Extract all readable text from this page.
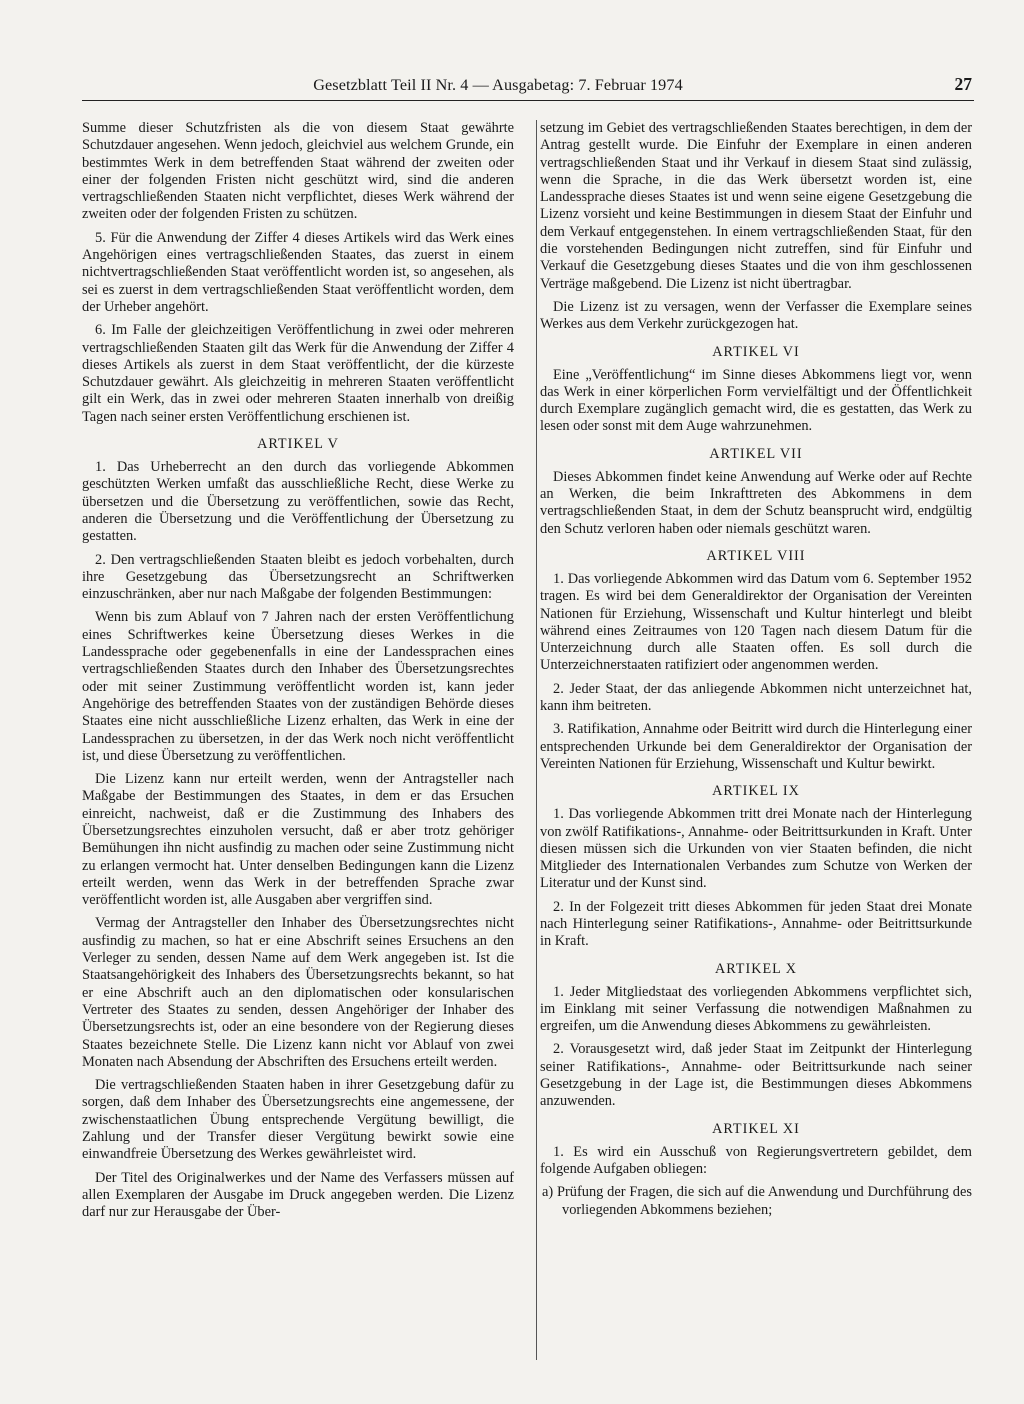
Gesetzblatt Teil II Nr. 4 — Ausgabetag: 7. Februar 1974	27

Summe dieser Schutzfristen als die von diesem Staat gewährte Schutzdauer angesehen. Wenn jedoch, gleichviel aus welchem Grunde, ein bestimmtes Werk in dem betreffenden Staat während der zweiten oder einer der folgenden Fristen nicht geschützt wird, sind die anderen vertragschließenden Staaten nicht verpflichtet, dieses Werk während der zweiten oder der folgenden Fristen zu schützen.

5. Für die Anwendung der Ziffer 4 dieses Artikels wird das Werk eines Angehörigen eines vertragschließenden Staates, das zuerst in einem nichtvertragschließenden Staat veröffentlicht worden ist, so angesehen, als sei es zuerst in dem vertragschließenden Staat veröffentlicht worden, dem der Urheber angehört.

6. Im Falle der gleichzeitigen Veröffentlichung in zwei oder mehreren vertragschließenden Staaten gilt das Werk für die Anwendung der Ziffer 4 dieses Artikels als zuerst in dem Staat veröffentlicht, der die kürzeste Schutzdauer gewährt. Als gleichzeitig in mehreren Staaten veröffentlicht gilt ein Werk, das in zwei oder mehreren Staaten innerhalb von dreißig Tagen nach seiner ersten Veröffentlichung erschienen ist.

ARTIKEL V

1. Das Urheberrecht an den durch das vorliegende Abkommen geschützten Werken umfaßt das ausschließliche Recht, diese Werke zu übersetzen und die Übersetzung zu veröffentlichen, sowie das Recht, anderen die Übersetzung und die Veröffentlichung der Übersetzung zu gestatten.

2. Den vertragschließenden Staaten bleibt es jedoch vorbehalten, durch ihre Gesetzgebung das Übersetzungsrecht an Schriftwerken einzuschränken, aber nur nach Maßgabe der folgenden Bestimmungen:

Wenn bis zum Ablauf von 7 Jahren nach der ersten Veröffentlichung eines Schriftwerkes keine Übersetzung dieses Werkes in die Landessprache oder gegebenenfalls in eine der Landessprachen eines vertragschließenden Staates durch den Inhaber des Übersetzungsrechtes oder mit seiner Zustimmung veröffentlicht worden ist, kann jeder Angehörige des betreffenden Staates von der zuständigen Behörde dieses Staates eine nicht ausschließliche Lizenz erhalten, das Werk in eine der Landessprachen zu übersetzen, in der das Werk noch nicht veröffentlicht ist, und diese Übersetzung zu veröffentlichen.

Die Lizenz kann nur erteilt werden, wenn der Antragsteller nach Maßgabe der Bestimmungen des Staates, in dem er das Ersuchen einreicht, nachweist, daß er die Zustimmung des Inhabers des Übersetzungsrechtes einzuholen versucht, daß er aber trotz gehöriger Bemühungen ihn nicht ausfindig zu machen oder seine Zustimmung nicht zu erlangen vermocht hat. Unter denselben Bedingungen kann die Lizenz erteilt werden, wenn das Werk in der betreffenden Sprache zwar veröffentlicht worden ist, alle Ausgaben aber vergriffen sind.

Vermag der Antragsteller den Inhaber des Übersetzungsrechtes nicht ausfindig zu machen, so hat er eine Abschrift seines Ersuchens an den Verleger zu senden, dessen Name auf dem Werk angegeben ist. Ist die Staatsangehörigkeit des Inhabers des Übersetzungsrechts bekannt, so hat er eine Abschrift auch an den diplomatischen oder konsularischen Vertreter des Staates zu senden, dessen Angehöriger der Inhaber des Übersetzungsrechts ist, oder an eine besondere von der Regierung dieses Staates bezeichnete Stelle. Die Lizenz kann nicht vor Ablauf von zwei Monaten nach Absendung der Abschriften des Ersuchens erteilt werden.

Die vertragschließenden Staaten haben in ihrer Gesetzgebung dafür zu sorgen, daß dem Inhaber des Übersetzungsrechts eine angemessene, der zwischenstaatlichen Übung entsprechende Vergütung bewilligt, die Zahlung und der Transfer dieser Vergütung bewirkt sowie eine einwandfreie Übersetzung des Werkes gewährleistet wird.

Der Titel des Originalwerkes und der Name des Verfassers müssen auf allen Exemplaren der Ausgabe im Druck angegeben werden. Die Lizenz darf nur zur Herausgabe der Über-

setzung im Gebiet des vertragschließenden Staates berechtigen, in dem der Antrag gestellt wurde. Die Einfuhr der Exemplare in einen anderen vertragschließenden Staat und ihr Verkauf in diesem Staat sind zulässig, wenn die Sprache, in die das Werk übersetzt worden ist, eine Landessprache dieses Staates ist und wenn seine eigene Gesetzgebung die Lizenz vorsieht und keine Bestimmungen in diesem Staat der Einfuhr und dem Verkauf entgegenstehen. In einem vertragschließenden Staat, für den die vorstehenden Bedingungen nicht zutreffen, sind für Einfuhr und Verkauf die Gesetzgebung dieses Staates und die von ihm geschlossenen Verträge maßgebend. Die Lizenz ist nicht übertragbar.

Die Lizenz ist zu versagen, wenn der Verfasser die Exemplare seines Werkes aus dem Verkehr zurückgezogen hat.

ARTIKEL VI

Eine „Veröffentlichung“ im Sinne dieses Abkommens liegt vor, wenn das Werk in einer körperlichen Form vervielfältigt und der Öffentlichkeit durch Exemplare zugänglich gemacht wird, die es gestatten, das Werk zu lesen oder sonst mit dem Auge wahrzunehmen.

ARTIKEL VII

Dieses Abkommen findet keine Anwendung auf Werke oder auf Rechte an Werken, die beim Inkrafttreten des Abkommens in dem vertragschließenden Staat, in dem der Schutz beansprucht wird, endgültig den Schutz verloren haben oder niemals geschützt waren.

ARTIKEL VIII

1. Das vorliegende Abkommen wird das Datum vom 6. September 1952 tragen. Es wird bei dem Generaldirektor der Organisation der Vereinten Nationen für Erziehung, Wissenschaft und Kultur hinterlegt und bleibt während eines Zeitraumes von 120 Tagen nach diesem Datum für die Unterzeichnung durch alle Staaten offen. Es soll durch die Unterzeichnerstaaten ratifiziert oder angenommen werden.

2. Jeder Staat, der das anliegende Abkommen nicht unterzeichnet hat, kann ihm beitreten.

3. Ratifikation, Annahme oder Beitritt wird durch die Hinterlegung einer entsprechenden Urkunde bei dem Generaldirektor der Organisation der Vereinten Nationen für Erziehung, Wissenschaft und Kultur bewirkt.

ARTIKEL IX

1. Das vorliegende Abkommen tritt drei Monate nach der Hinterlegung von zwölf Ratifikations-, Annahme- oder Beitrittsurkunden in Kraft. Unter diesen müssen sich die Urkunden von vier Staaten befinden, die nicht Mitglieder des Internationalen Verbandes zum Schutze von Werken der Literatur und der Kunst sind.

2. In der Folgezeit tritt dieses Abkommen für jeden Staat drei Monate nach Hinterlegung seiner Ratifikations-, Annahme- oder Beitrittsurkunde in Kraft.

ARTIKEL X

1. Jeder Mitgliedstaat des vorliegenden Abkommens verpflichtet sich, im Einklang mit seiner Verfassung die notwendigen Maßnahmen zu ergreifen, um die Anwendung dieses Abkommens zu gewährleisten.

2. Vorausgesetzt wird, daß jeder Staat im Zeitpunkt der Hinterlegung seiner Ratifikations-, Annahme- oder Beitrittsurkunde nach seiner Gesetzgebung in der Lage ist, die Bestimmungen dieses Abkommens anzuwenden.

ARTIKEL XI

1. Es wird ein Ausschuß von Regierungsvertretern gebildet, dem folgende Aufgaben obliegen:

a) Prüfung der Fragen, die sich auf die Anwendung und Durchführung des vorliegenden Abkommens beziehen;
